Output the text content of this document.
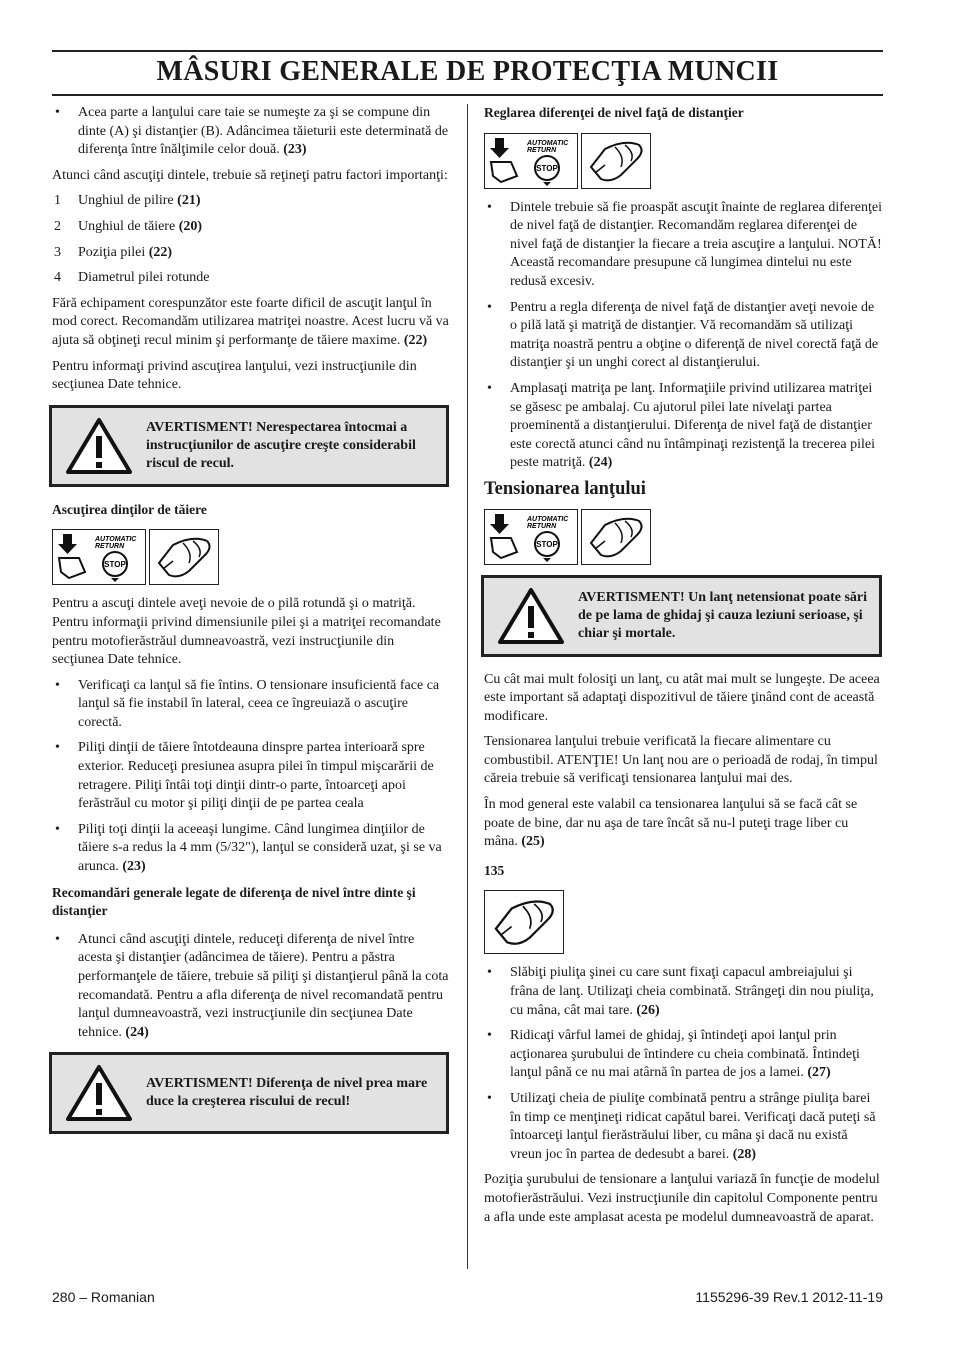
MÂSURI GENERALE DE PROTECŢIA MUNCII
• Acea parte a lanţului care taie se numeşte za şi se compune din dinte (A) şi distanţier (B). Adâncimea tăieturii este determinată de diferenţa între înălţimile celor două. (23)

Atunci când ascuţiţi dintele, trebuie să reţineţi patru factori importanţi:

1 Unghiul de pilire (21)
2 Unghiul de tăiere (20)
3 Poziţia pilei (22)
4 Diametrul pilei rotunde

Fără echipament corespunzător este foarte dificil de ascuţit lanţul în mod corect. Recomandăm utilizarea matriţei noastre. Acest lucru vă va ajuta să obţineţi recul minim şi performanţe de tăiere maxime. (22)

Pentru informaţi privind ascuţirea lanţului, vezi instrucţiunile din secţiunea Date tehnice.

AVERTISMENT! Nerespectarea întocmai a instrucţiunilor de ascuţire creşte considerabil riscul de recul.
Ascuţirea dinţilor de tăiere
AUTOMATIC
RETURN
STOP

Pentru a ascuţi dintele aveţi nevoie de o pilă rotundă şi o matriţă. Pentru informaţii privind dimensiunile pilei şi a matriţei recomandate pentru motofierăstrăul dumneavoastră, vezi instrucţiunile din secţiunea Date tehnice.

• Verificaţi ca lanţul să fie întins. O tensionare insuficientă face ca lanţul să fie instabil în lateral, ceea ce îngreuiază o ascuţire corectă.
• Piliţi dinţii de tăiere întotdeauna dinspre partea interioară spre exterior. Reduceţi presiunea asupra pilei în timpul mişcarării de retragere. Piliţi întâi toţi dinţii dintr-o parte, întoarceţi apoi ferăstrăul cu motor şi piliţi dinţii de pe partea ceala
• Piliţi toţi dinţii la aceeaşi lungime. Când lungimea dinţiilor de tăiere s-a redus la 4 mm (5/32"), lanţul se consideră uzat, şi se va arunca. (23)
Recomandări generale legate de diferenţa de nivel între dinte şi distanţier
• Atunci când ascuţiţi dintele, reduceţi diferenţa de nivel între acesta şi distanţier (adâncimea de tăiere). Pentru a păstra performanţele de tăiere, trebuie să piliţi şi distanţierul până la cota recomandată. Pentru a afla diferenţa de nivel recomandată pentru lanţul dumneavoastră, vezi instrucţiunile din secţiunea Date tehnice. (24)
AVERTISMENT! Diferenţa de nivel prea mare duce la creşterea riscului de recul!
Reglarea diferenţei de nivel faţă de distanţier
AUTOMATIC
RETURN
STOP
• Dintele trebuie să fie proaspăt ascuţit înainte de reglarea diferenţei de nivel faţă de distanţier. Recomandăm reglarea diferenţei de nivel faţă de distanţier la fiecare a treia ascuţire a lanţului. NOTĂ! Această recomandare presupune că lungimea dintelui nu este redusă excesiv.
• Pentru a regla diferenţa de nivel faţă de distanţier aveţi nevoie de o pilă lată şi matriţă de distanţier. Vă recomandăm să utilizaţi matriţa noastră pentru a obţine o diferenţă de nivel corectă faţă de distanţier şi un unghi corect al distanţierului.
• Amplasaţi matriţa pe lanţ. Informaţiile privind utilizarea matriţei se găsesc pe ambalaj. Cu ajutorul pilei late nivelaţi partea proeminentă a distanţierului. Diferenţa de nivel faţă de distanţier este corectă atunci când nu întâmpinaţi rezistenţă la trecerea pilei peste matriţă. (24)
Tensionarea lanţului
AUTOMATIC
RETURN
STOP
AVERTISMENT! Un lanţ netensionat poate sări de pe lama de ghidaj şi cauza leziuni serioase, şi chiar şi mortale.

Cu cât mai mult folosiţi un lanţ, cu atât mai mult se lungeşte. De aceea este important să adaptaţi dispozitivul de tăiere ţinând cont de această modificare.

Tensionarea lanţului trebuie verificată la fiecare alimentare cu combustibil. ATENŢIE! Un lanţ nou are o perioadă de rodaj, în timpul căreia trebuie să verificaţi tensionarea lanţului mai des.

În mod general este valabil ca tensionarea lanţului să se facă cât se poate de bine, dar nu aşa de tare încât să nu-l puteţi trage liber cu mâna. (25)

135

• Slăbiţi piuliţa şinei cu care sunt fixaţi capacul ambreiajului şi frâna de lanţ. Utilizaţi cheia combinată. Strângeţi din nou piuliţa, cu mâna, cât mai tare. (26)
• Ridicaţi vârful lamei de ghidaj, şi întindeţi apoi lanţul prin acţionarea şurubului de întindere cu cheia combinată. Întindeţi lanţul până ce nu mai atârnă în partea de jos a lamei. (27)
• Utilizaţi cheia de piuliţe combinată pentru a strânge piuliţa barei în timp ce menţineţi ridicat capătul barei. Verificaţi dacă puteţi să întoarceţi lanţul fierăstrăului liber, cu mâna şi dacă nu există vreun joc în partea de dedesubt a barei. (28)

Poziţia şurubului de tensionare a lanţului variază în funcţie de modelul motofierăstrăului. Vezi instrucţiunile din capitolul Componente pentru a afla unde este amplasat acesta pe modelul dumneavoastră de aparat.

280 – Romanian	1155296-39 Rev.1 2012-11-19
